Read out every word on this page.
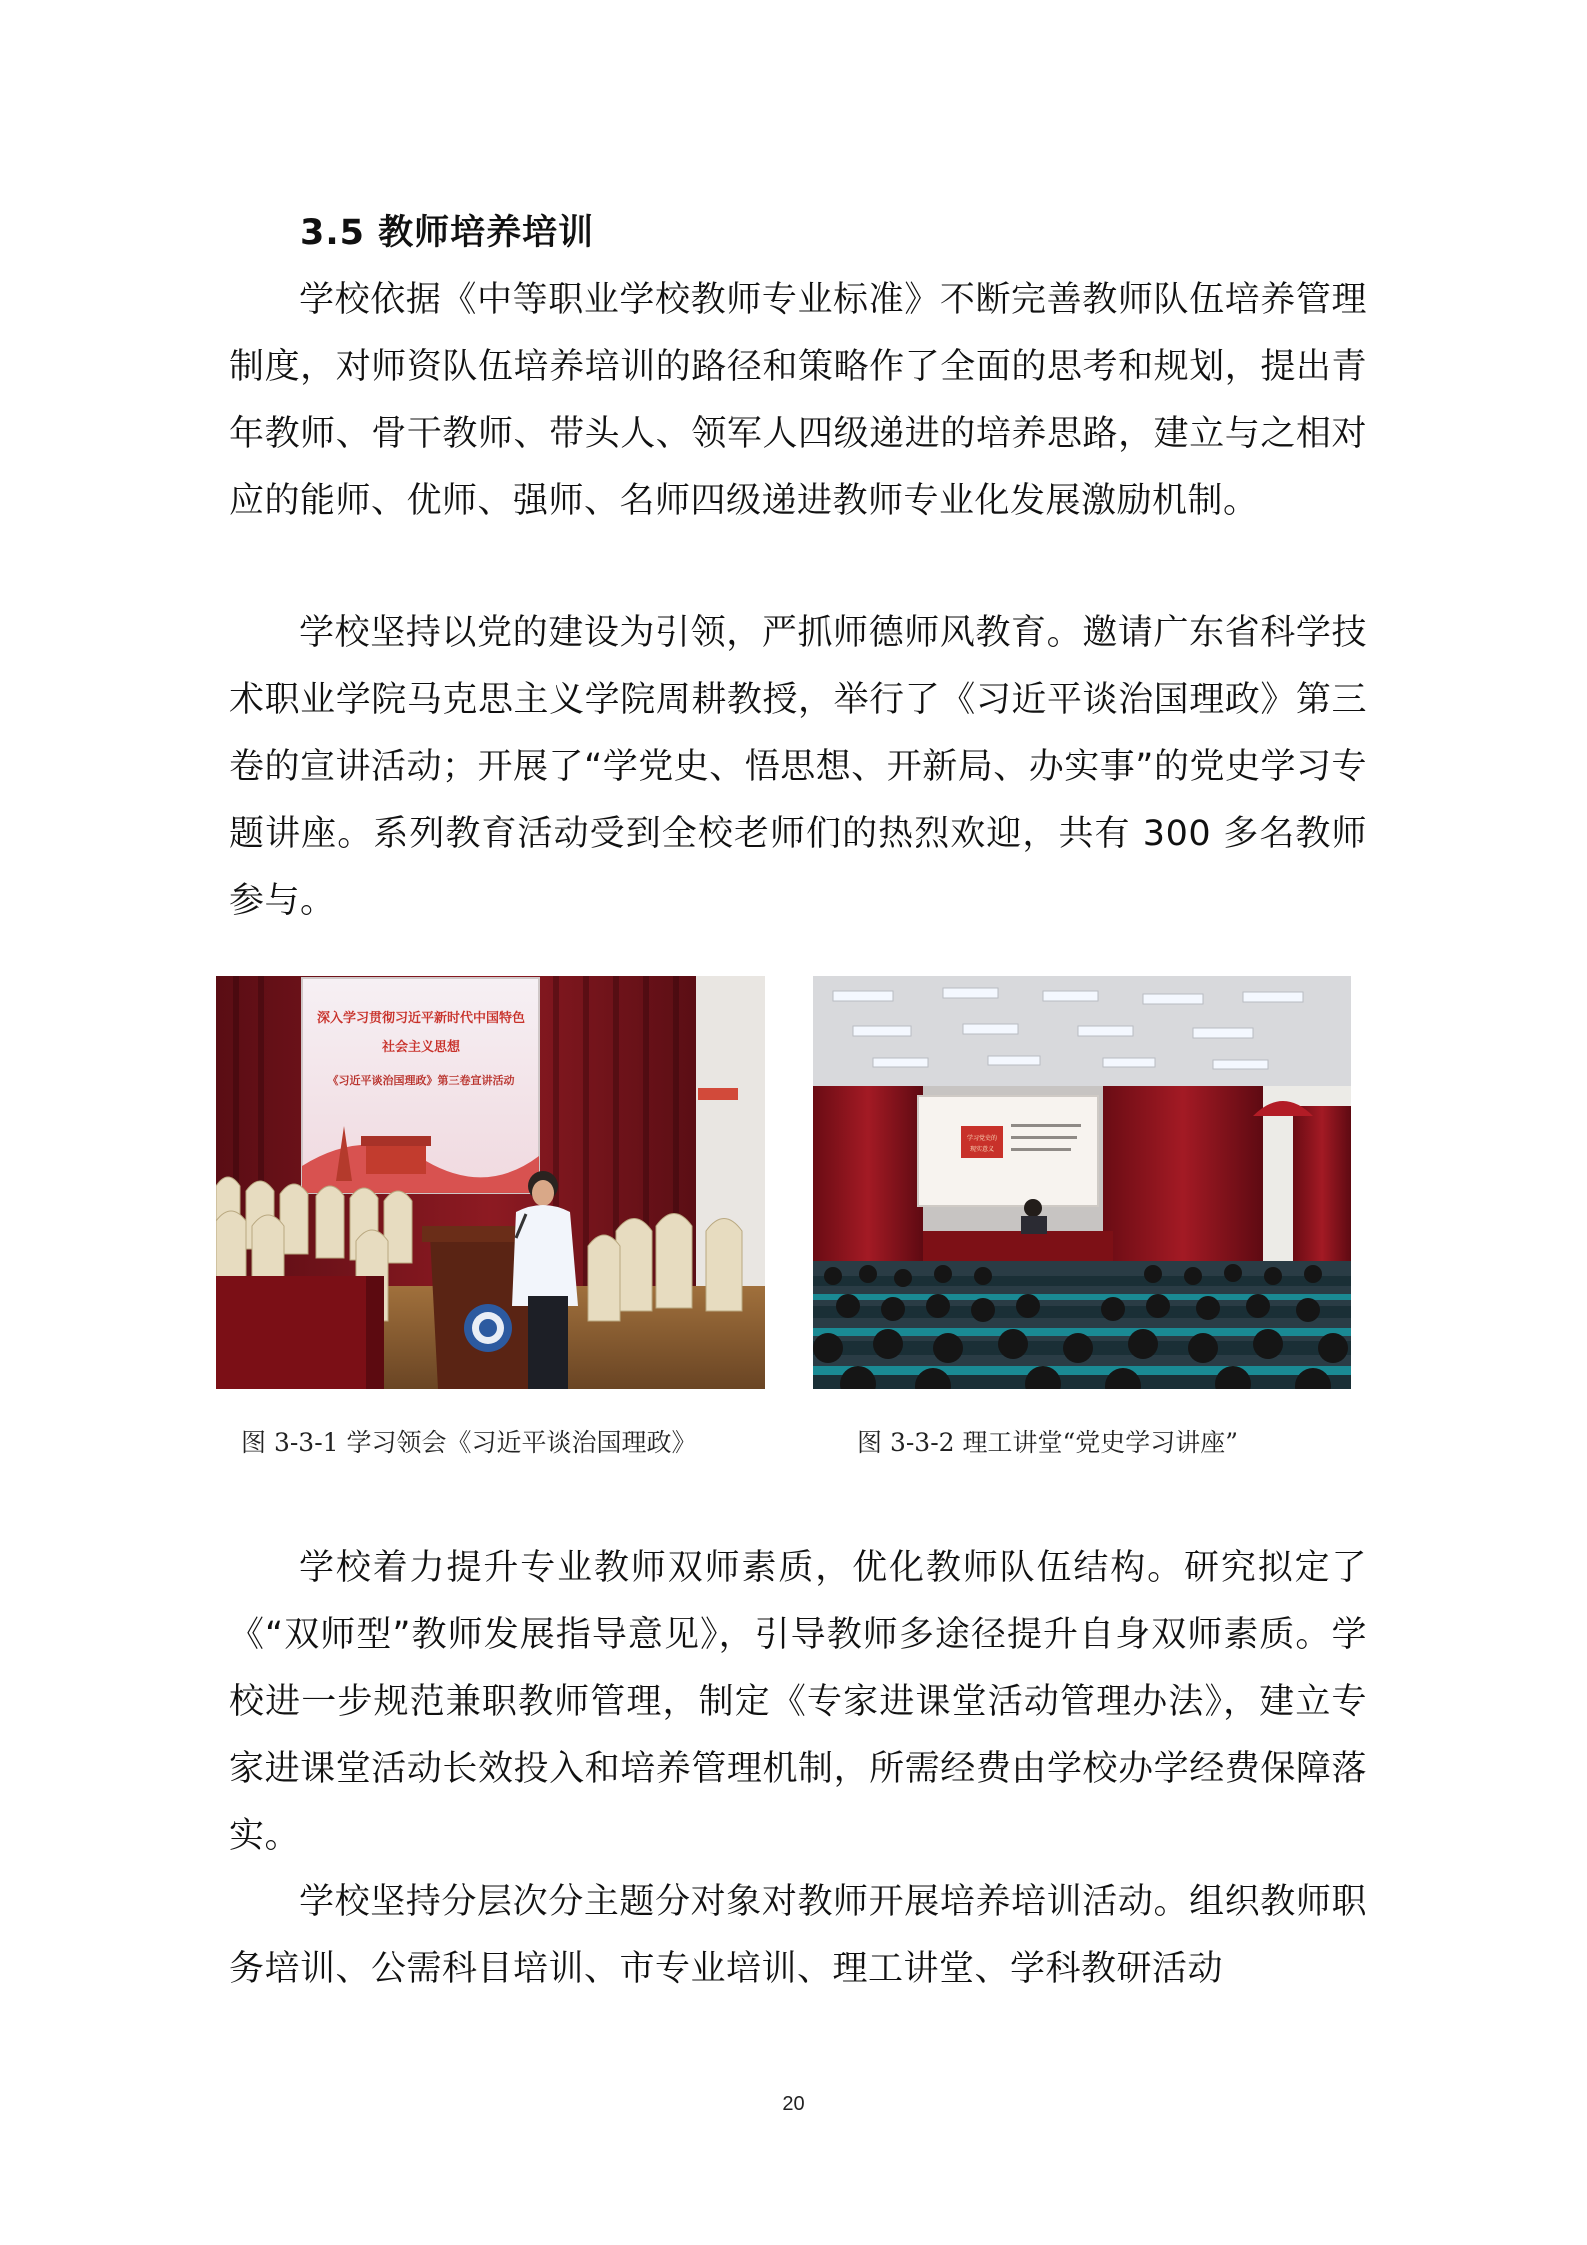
3.5 教师培养培训

学校依据《中等职业学校教师专业标准》不断完善教师队伍培养管理制度，对师资队伍培养培训的路径和策略作了全面的思考和规划，提出青年教师、骨干教师、带头人、领军人四级递进的培养思路，建立与之相对应的能师、优师、强师、名师四级递进教师专业化发展激励机制。

学校坚持以党的建设为引领，严抓师德师风教育。邀请广东省科学技术职业学院马克思主义学院周耕教授，举行了《习近平谈治国理政》第三卷的宣讲活动；开展了“学党史、悟思想、开新局、办实事”的党史学习专题讲座。系列教育活动受到全校老师们的热烈欢迎，共有 300 多名教师参与。

深入学习贯彻习近平新时代中国特色
社会主义思想
《习近平谈治国理政》第三卷宣讲活动
学习党史的
现实意义
图 3-3-1 学习领会《习近平谈治国理政》	图 3-3-2 理工讲堂“党史学习讲座”

学校着力提升专业教师双师素质，优化教师队伍结构。研究拟定了《“双师型”教师发展指导意见》，引导教师多途径提升自身双师素质。学校进一步规范兼职教师管理，制定《专家进课堂活动管理办法》，建立专家进课堂活动长效投入和培养管理机制，所需经费由学校办学经费保障落实。

学校坚持分层次分主题分对象对教师开展培养培训活动。组织教师职务培训、公需科目培训、市专业培训、理工讲堂、学科教研活动

20
